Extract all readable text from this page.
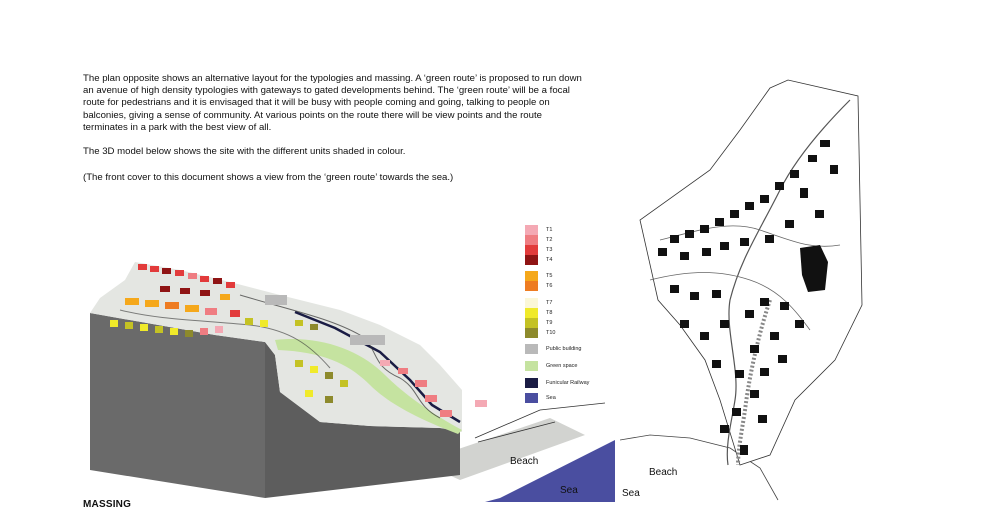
The plan opposite shows an alternative layout for the typologies and massing. A ‘green route’ is proposed to run down an avenue of high density typologies with gateways to gated developments behind. The ‘green route’ will be a focal route for pedestrians and it is envisaged that it will be busy with people coming and going, talking to people on balconies, giving a sense of community. At various points on the route there will be view points and the route terminates in a park with the best view of all.

The 3D model below shows the site with the different units shaded in colour.

(The front cover to this document shows a view from the ‘green route’ towards the sea.)

Beach
Sea
T1
T2
T3
T4
T5
T6
T7
T8
T9
T10
Public building
Green space
Funicular Railway
Sea
Beach
Sea
MASSING
